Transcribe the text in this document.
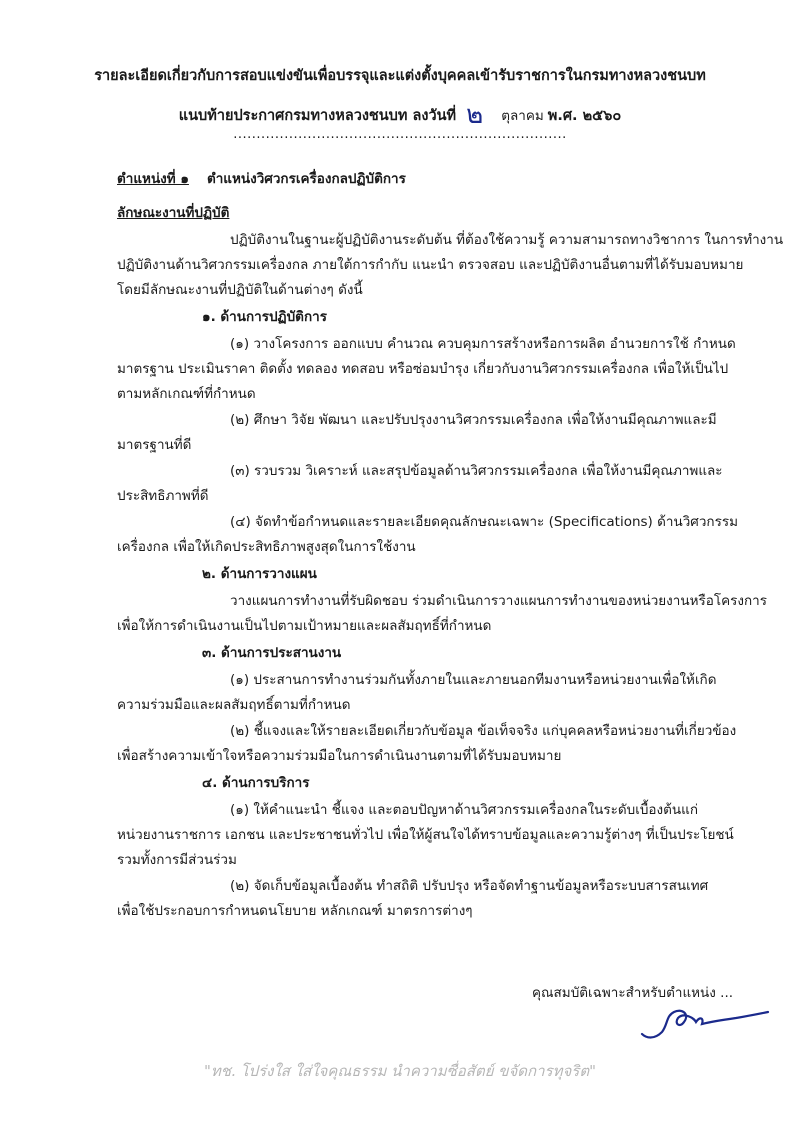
รายละเอียดเกี่ยวกับการสอบแข่งขันเพื่อบรรจุและแต่งตั้งบุคคลเข้ารับราชการในกรมทางหลวงชนบท
แนบท้ายประกาศกรมทางหลวงชนบท ลงวันที่ ๒ ตุลาคม พ.ศ. ๒๕๖๐
........................................................................
ตำแหน่งที่ ๑ ตำแหน่งวิศวกรเครื่องกลปฏิบัติการ
ลักษณะงานที่ปฏิบัติ
ปฏิบัติงานในฐานะผู้ปฏิบัติงานระดับต้น ที่ต้องใช้ความรู้ ความสามารถทางวิชาการ ในการทำงาน
ปฏิบัติงานด้านวิศวกรรมเครื่องกล ภายใต้การกำกับ แนะนำ ตรวจสอบ และปฏิบัติงานอื่นตามที่ได้รับมอบหมาย
โดยมีลักษณะงานที่ปฏิบัติในด้านต่างๆ ดังนี้
๑. ด้านการปฏิบัติการ
(๑) วางโครงการ ออกแบบ คำนวณ ควบคุมการสร้างหรือการผลิต อำนวยการใช้ กำหนด
มาตรฐาน ประเมินราคา ติดตั้ง ทดลอง ทดสอบ หรือซ่อมบำรุง เกี่ยวกับงานวิศวกรรมเครื่องกล เพื่อให้เป็นไป
ตามหลักเกณฑ์ที่กำหนด
(๒) ศึกษา วิจัย พัฒนา และปรับปรุงงานวิศวกรรมเครื่องกล เพื่อให้งานมีคุณภาพและมี
มาตรฐานที่ดี
(๓) รวบรวม วิเคราะห์ และสรุปข้อมูลด้านวิศวกรรมเครื่องกล เพื่อให้งานมีคุณภาพและ
ประสิทธิภาพที่ดี
(๔) จัดทำข้อกำหนดและรายละเอียดคุณลักษณะเฉพาะ (Specifications) ด้านวิศวกรรม
เครื่องกล เพื่อให้เกิดประสิทธิภาพสูงสุดในการใช้งาน
๒. ด้านการวางแผน
วางแผนการทำงานที่รับผิดชอบ ร่วมดำเนินการวางแผนการทำงานของหน่วยงานหรือโครงการ
เพื่อให้การดำเนินงานเป็นไปตามเป้าหมายและผลสัมฤทธิ์ที่กำหนด
๓. ด้านการประสานงาน
(๑) ประสานการทำงานร่วมกันทั้งภายในและภายนอกทีมงานหรือหน่วยงานเพื่อให้เกิด
ความร่วมมือและผลสัมฤทธิ์ตามที่กำหนด
(๒) ชี้แจงและให้รายละเอียดเกี่ยวกับข้อมูล ข้อเท็จจริง แก่บุคคลหรือหน่วยงานที่เกี่ยวข้อง
เพื่อสร้างความเข้าใจหรือความร่วมมือในการดำเนินงานตามที่ได้รับมอบหมาย
๔. ด้านการบริการ
(๑) ให้คำแนะนำ ชี้แจง และตอบปัญหาด้านวิศวกรรมเครื่องกลในระดับเบื้องต้นแก่
หน่วยงานราชการ เอกชน และประชาชนทั่วไป เพื่อให้ผู้สนใจได้ทราบข้อมูลและความรู้ต่างๆ ที่เป็นประโยชน์
รวมทั้งการมีส่วนร่วม
(๒) จัดเก็บข้อมูลเบื้องต้น ทำสถิติ ปรับปรุง หรือจัดทำฐานข้อมูลหรือระบบสารสนเทศ
เพื่อใช้ประกอบการกำหนดนโยบาย หลักเกณฑ์ มาตรการต่างๆ
คุณสมบัติเฉพาะสำหรับตำแหน่ง ...
"ทช. โปร่งใส ใส่ใจคุณธรรม นำความซื่อสัตย์ ขจัดการทุจริต"
